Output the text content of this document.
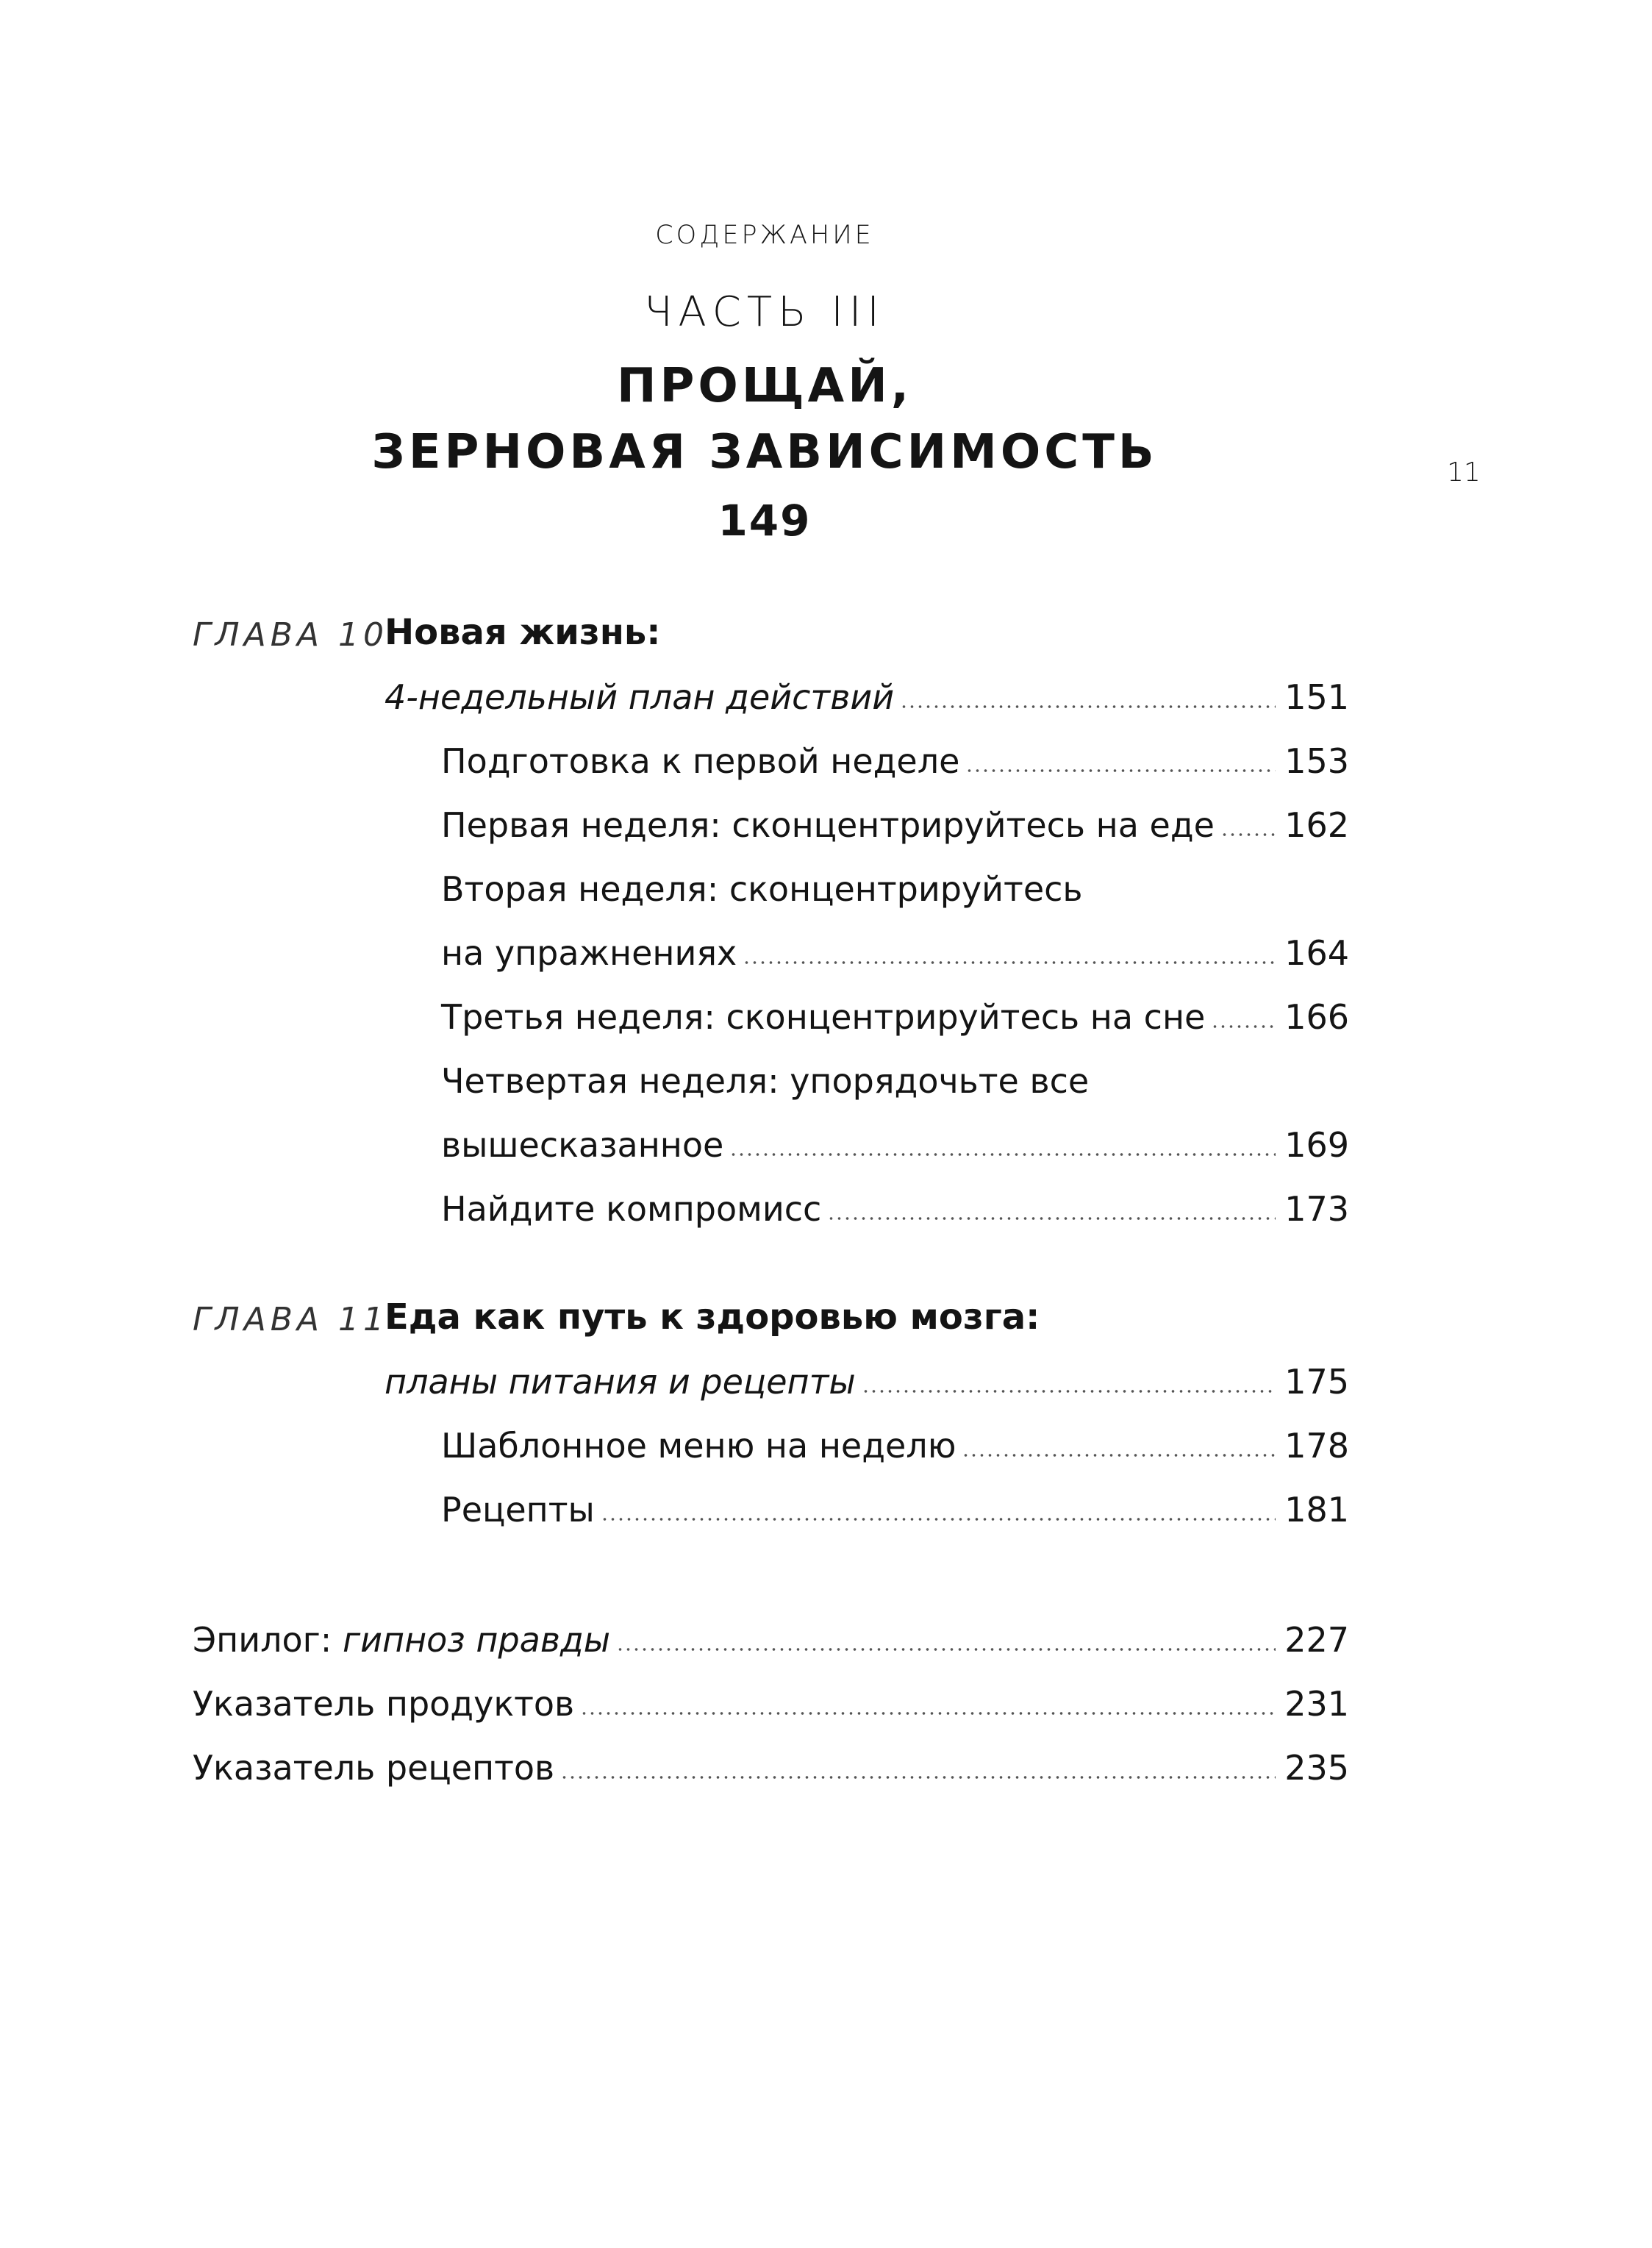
СОДЕРЖАНИЕ
11
ЧАСТЬ III
ПРОЩАЙ,
ЗЕРНОВАЯ ЗАВИСИМОСТЬ
149
ГЛАВА 10
Новая жизнь:
4-недельный план действий	151
Подготовка к первой неделе	153
Первая неделя: сконцентрируйтесь на еде 162
Вторая неделя: сконцентрируйтесь
на упражнениях	164
Третья неделя: сконцентрируйтесь на сне 166
Четвертая неделя: упорядочьте все
вышесказанное	169
Найдите компромисс	173
ГЛАВА 11
Еда как путь к здоровью мозга:
планы питания и рецепты	175
Шаблонное меню на неделю	178
Рецепты	181
Эпилог: гипноз правды	227
Указатель продуктов	231
Указатель рецептов	235
